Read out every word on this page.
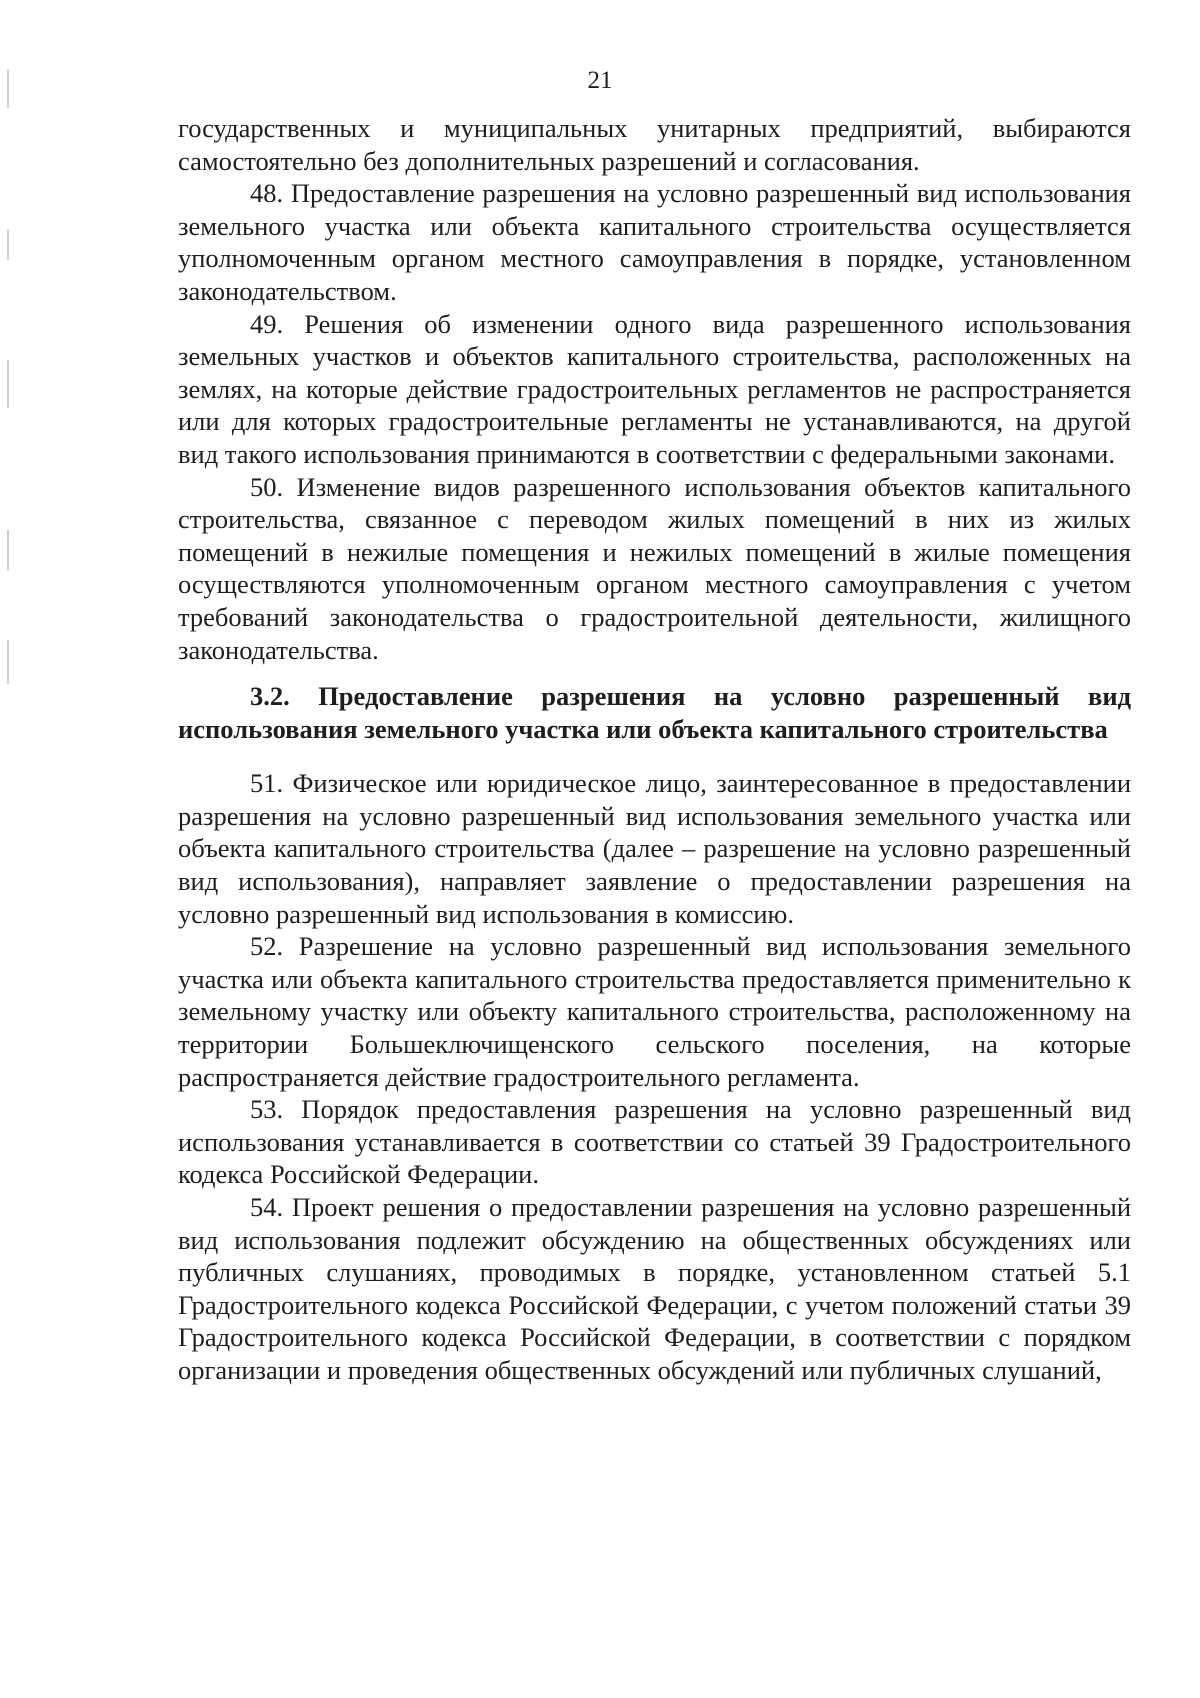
21

государственных и муниципальных унитарных предприятий, выбираются самостоятельно без дополнительных разрешений и согласования.

48. Предоставление разрешения на условно разрешенный вид использования земельного участка или объекта капитального строительства осуществляется уполномоченным органом местного самоуправления в порядке, установленном законодательством.

49. Решения об изменении одного вида разрешенного использования земельных участков и объектов капитального строительства, расположенных на землях, на которые действие градостроительных регламентов не распространяется или для которых градостроительные регламенты не устанавливаются, на другой вид такого использования принимаются в соответствии с федеральными законами.

50. Изменение видов разрешенного использования объектов капитального строительства, связанное с переводом жилых помещений в них из жилых помещений в нежилые помещения и нежилых помещений в жилые помещения осуществляются уполномоченным органом местного самоуправления с учетом требований законодательства о градостроительной деятельности, жилищного законодательства.

3.2. Предоставление разрешения на условно разрешенный вид использования земельного участка или объекта капитального строительства

51. Физическое или юридическое лицо, заинтересованное в предоставлении разрешения на условно разрешенный вид использования земельного участка или объекта капитального строительства (далее – разрешение на условно разрешенный вид использования), направляет заявление о предоставлении разрешения на условно разрешенный вид использования в комиссию.

52. Разрешение на условно разрешенный вид использования земельного участка или объекта капитального строительства предоставляется применительно к земельному участку или объекту капитального строительства, расположенному на территории Большеключищенского сельского поселения, на которые распространяется действие градостроительного регламента.

53. Порядок предоставления разрешения на условно разрешенный вид использования устанавливается в соответствии со статьей 39 Градостроительного кодекса Российской Федерации.

54. Проект решения о предоставлении разрешения на условно разрешенный вид использования подлежит обсуждению на общественных обсуждениях или публичных слушаниях, проводимых в порядке, установленном статьей 5.1 Градостроительного кодекса Российской Федерации, с учетом положений статьи 39 Градостроительного кодекса Российской Федерации, в соответствии с порядком организации и проведения общественных обсуждений или публичных слушаний,
